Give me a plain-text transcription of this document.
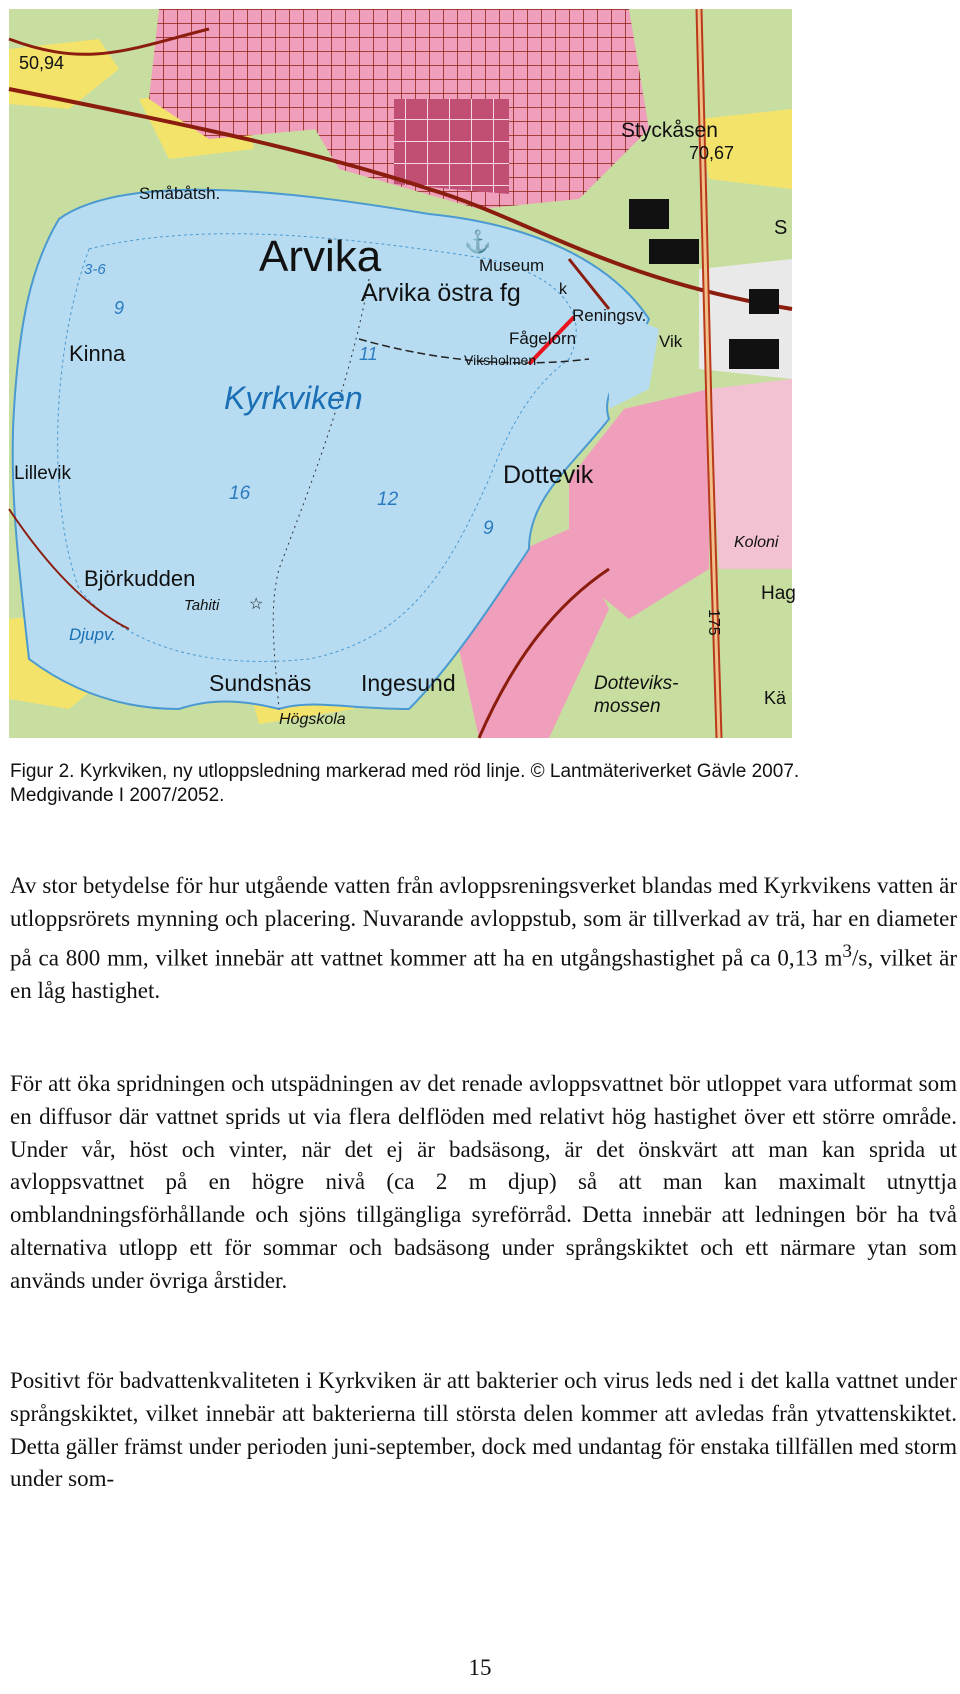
⚓
☆
50,94
Arvika
Småbåtsh.
Styckåsen
70,67
Museum
Arvika östra fg
Reningsv.
Fågelorn
Viksholmen
Vik
Kinna
Kyrkviken
Lillevik	Dottevik
Björkudden
Tahiti
Djupv.
Sundsnäs Ingesund
Högskola
Dotteviks-
mossen
Koloni
Hag
Kä
175
k
S
3-6
9
11
16	12
9

Figur 2. Kyrkviken, ny utloppsledning markerad med röd linje. © Lantmäteriverket Gävle 2007. Medgivande I 2007/2052.

Av stor betydelse för hur utgående vatten från avloppsreningsverket blandas med Kyrkvikens vatten är utloppsrörets mynning och placering. Nuvarande avloppstub, som är tillverkad av trä, har en diameter på ca 800 mm, vilket innebär att vattnet kommer att ha en utgångshastighet på ca 0,13 $m^3/s$, vilket är en låg hastighet.

För att öka spridningen och utspädningen av det renade avloppsvattnet bör utloppet vara utformat som en diffusor där vattnet sprids ut via flera delflöden med relativt hög hastighet över ett större område. Under vår, höst och vinter, när det ej är badsäsong, är det önskvärt att man kan sprida ut avloppsvattnet på en högre nivå (ca 2 m djup) så att man kan maximalt utnyttja omblandningsförhållande och sjöns tillgängliga syreförråd. Detta innebär att ledningen bör ha två alternativa utlopp ett för sommar och badsäsong under språngskiktet och ett närmare ytan som används under övriga årstider.

Positivt för badvattenkvaliteten i Kyrkviken är att bakterier och virus leds ned i det kalla vattnet under språngskiktet, vilket innebär att bakterierna till största delen kommer att avledas från ytvattenskiktet. Detta gäller främst under perioden juni-september, dock med undantag för enstaka tillfällen med storm under som-

15
